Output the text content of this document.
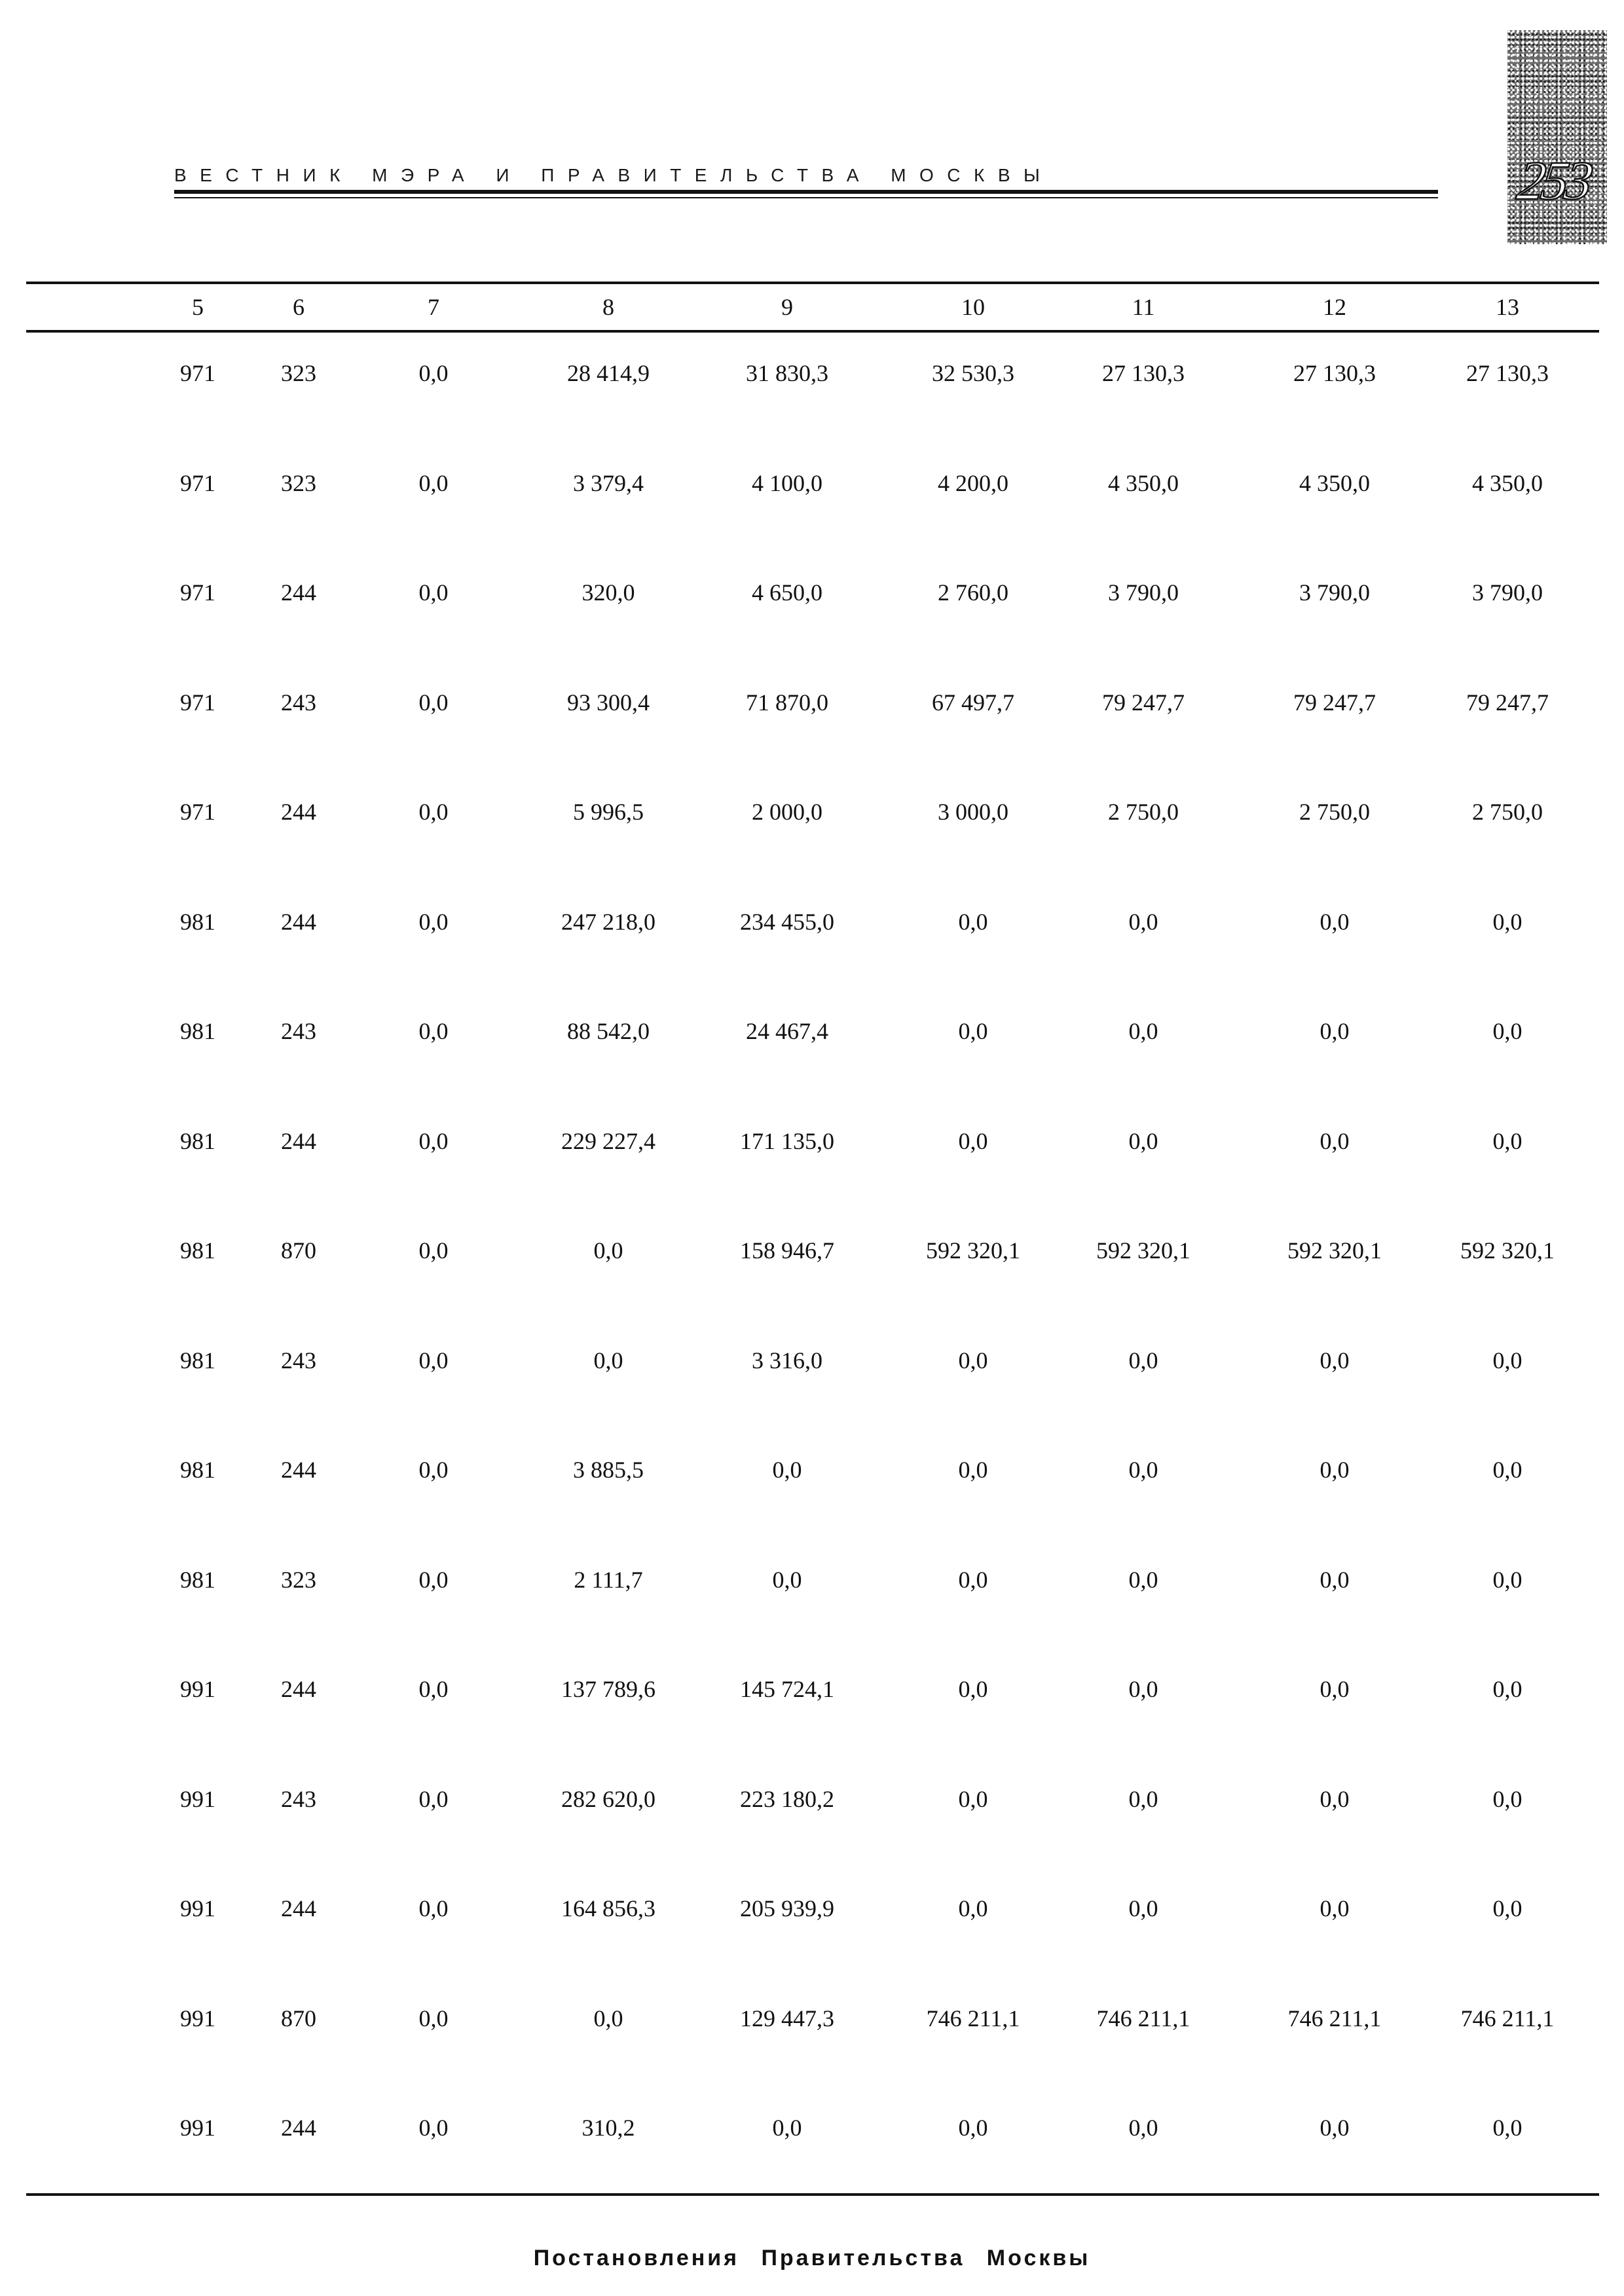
253
ВЕСТНИК МЭРА И ПРАВИТЕЛЬСТВА МОСКВЫ
5	6	7	8	9	10	11	12	13
971	323	0,0	28 414,9	31 830,3	32 530,3	27 130,3	27 130,3	27 130,3
971	323	0,0	3 379,4	4 100,0	4 200,0	4 350,0	4 350,0	4 350,0
971	244	0,0	320,0	4 650,0	2 760,0	3 790,0	3 790,0	3 790,0
971	243	0,0	93 300,4	71 870,0	67 497,7	79 247,7	79 247,7	79 247,7
971	244	0,0	5 996,5	2 000,0	3 000,0	2 750,0	2 750,0	2 750,0
981	244	0,0	247 218,0	234 455,0	0,0	0,0	0,0	0,0
981	243	0,0	88 542,0	24 467,4	0,0	0,0	0,0	0,0
981	244	0,0	229 227,4	171 135,0	0,0	0,0	0,0	0,0
981	870	0,0	0,0	158 946,7	592 320,1	592 320,1	592 320,1	592 320,1
981	243	0,0	0,0	3 316,0	0,0	0,0	0,0	0,0
981	244	0,0	3 885,5	0,0	0,0	0,0	0,0	0,0
981	323	0,0	2 111,7	0,0	0,0	0,0	0,0	0,0
991	244	0,0	137 789,6	145 724,1	0,0	0,0	0,0	0,0
991	243	0,0	282 620,0	223 180,2	0,0	0,0	0,0	0,0
991	244	0,0	164 856,3	205 939,9	0,0	0,0	0,0	0,0
991	870	0,0	0,0	129 447,3	746 211,1	746 211,1	746 211,1	746 211,1
991	244	0,0	310,2	0,0	0,0	0,0	0,0	0,0
Постановления Правительства Москвы
